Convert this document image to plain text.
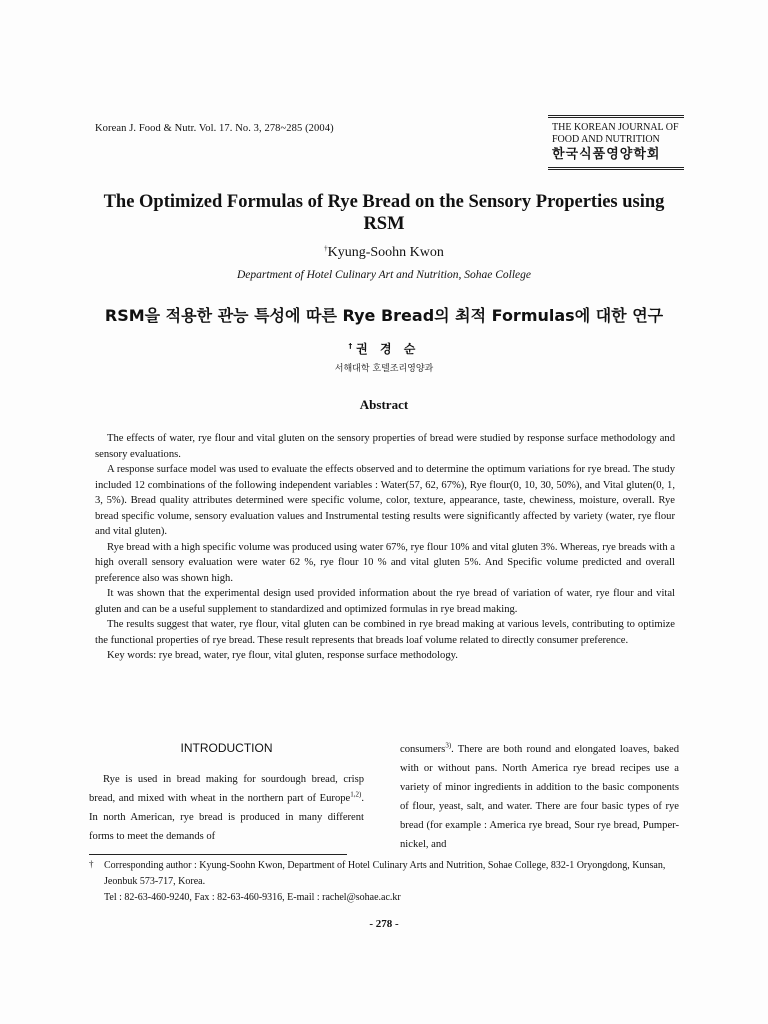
Korean J. Food & Nutr. Vol. 17. No. 3, 278~285 (2004)	THE KOREAN JOURNAL OF
FOOD AND NUTRITION
한국식품영양학회
The Optimized Formulas of Rye Bread on the Sensory Properties using RSM
†Kyung-Soohn Kwon
Department of Hotel Culinary Art and Nutrition, Sohae College
RSM을 적용한 관능 특성에 따른 Rye Bread의 최적 Formulas에 대한 연구
†권 경 순
서해대학 호텔조리영양과
Abstract

The effects of water, rye flour and vital gluten on the sensory properties of bread were studied by response surface methodology and sensory evaluations.

A response surface model was used to evaluate the effects observed and to determine the optimum variations for rye bread. The study included 12 combinations of the following independent variables : Water(57, 62, 67%), Rye flour(0, 10, 30, 50%), and Vital gluten(0, 1, 3, 5%). Bread quality attributes determined were specific volume, color, texture, appearance, taste, chewiness, moisture, overall. Rye bread specific volume, sensory evaluation values and Instrumental testing results were significantly affected by variety (water, rye flour and vital gluten).

Rye bread with a high specific volume was produced using water 67%, rye flour 10% and vital gluten 3%. Whereas, rye breads with a high overall sensory evaluation were water 62 %, rye flour 10 % and vital gluten 5%. And Specific volume predicted and overall preference also was shown high.

It was shown that the experimental design used provided information about the rye bread of variation of water, rye flour and vital gluten and can be a useful supplement to standardized and optimized formulas in rye bread making.

The results suggest that water, rye flour, vital gluten can be combined in rye bread making at various levels, contributing to optimize the functional properties of rye bread. These result represents that breads loaf volume related to directly consumer preference.

Key words: rye bread, water, rye flour, vital gluten, response surface methodology.

INTRODUCTION

Rye is used in bread making for sourdough bread, crisp bread, and mixed with wheat in the northern part of Europe$^{1,2)}$. In north American, rye bread is produced in many different forms to meet the demands of

consumers$^{3)}$. There are both round and elongated loaves, baked with or without pans. North America rye bread recipes use a variety of minor ingredients in addition to the basic components of flour, yeast, salt, and water. There are four basic types of rye bread (for example : America rye bread, Sour rye bread, Pumper-nickel, and

† Corresponding author : Kyung-Soohn Kwon, Department of Hotel Culinary Arts and Nutrition, Sohae College, 832-1 Oryongdong, Kunsan, Jeonbuk 573-717, Korea.
Tel : 82-63-460-9240, Fax : 82-63-460-9316, E-mail : rachel@sohae.ac.kr
- 278 -
